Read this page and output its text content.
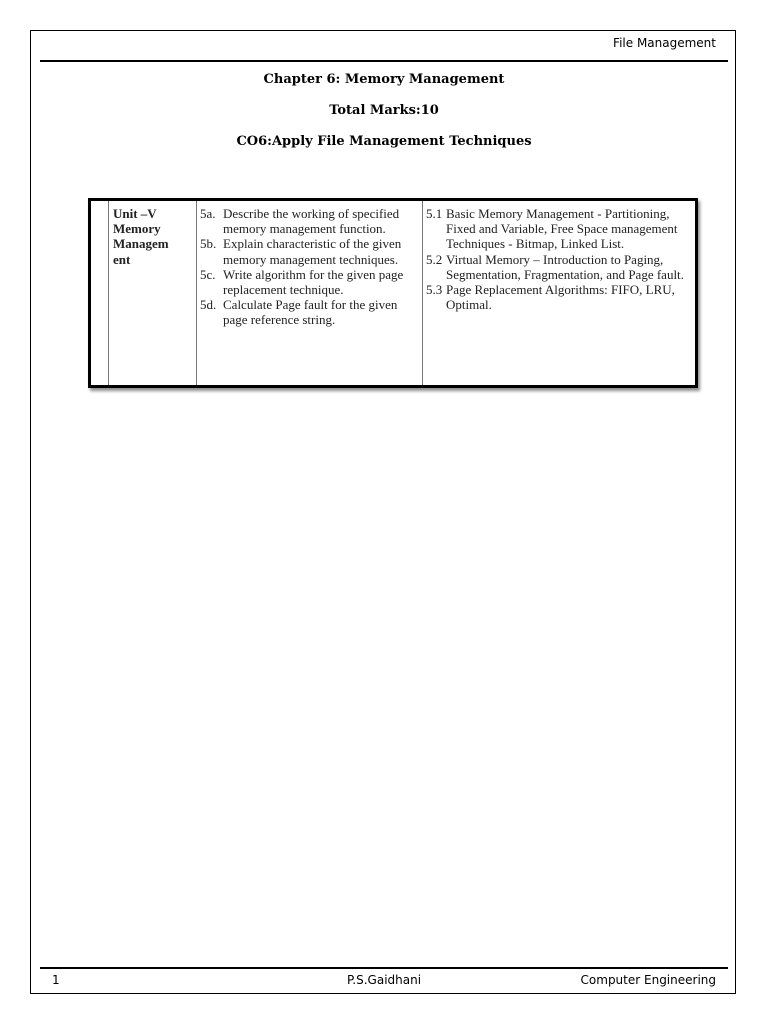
File Management
Chapter 6: Memory Management
Total Marks:10
CO6:Apply File Management Techniques
Unit –V
Memory
Managem
ent
5a. Describe the working of specified memory management function.
5b. Explain characteristic of the given memory management techniques.
5c. Write algorithm for the given page replacement technique.
5d. Calculate Page fault for the given page reference string.
5.1 Basic Memory Management - Partitioning, Fixed and Variable, Free Space management Techniques - Bitmap, Linked List.
5.2 Virtual Memory – Introduction to Paging, Segmentation, Fragmentation, and Page fault.
5.3 Page Replacement Algorithms: FIFO, LRU, Optimal.
1	P.S.Gaidhani	Computer Engineering
